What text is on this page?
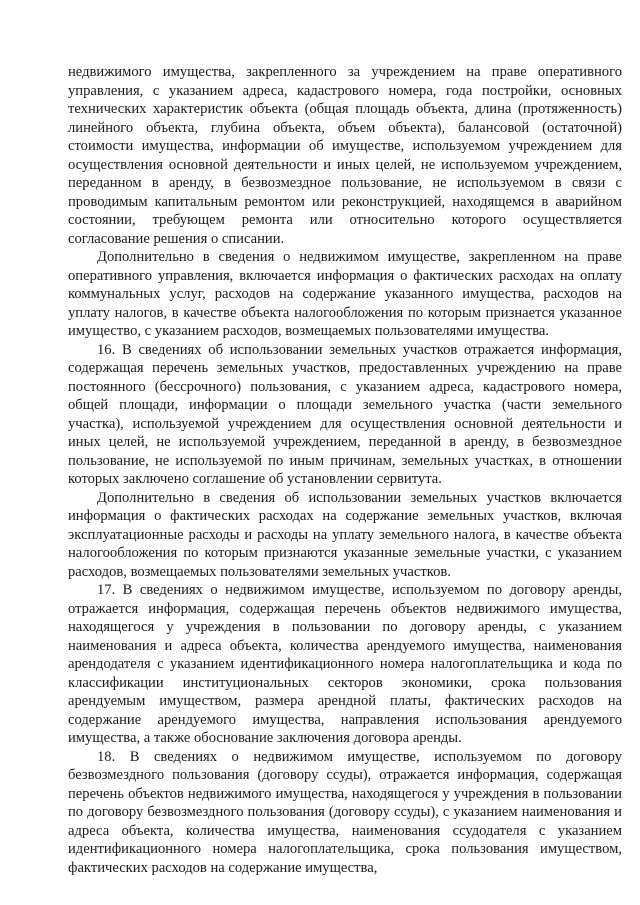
недвижимого имущества, закрепленного за учреждением на праве оперативного управления, с указанием адреса, кадастрового номера, года постройки, основных технических характеристик объекта (общая площадь объекта, длина (протяженность) линейного объекта, глубина объекта, объем объекта), балансовой (остаточной) стоимости имущества, информации об имуществе, используемом учреждением для осуществления основной деятельности и иных целей, не используемом учреждением, переданном в аренду, в безвозмездное пользование, не используемом в связи с проводимым капитальным ремонтом или реконструкцией, находящемся в аварийном состоянии, требующем ремонта или относительно которого осуществляется согласование решения о списании.

Дополнительно в сведения о недвижимом имуществе, закрепленном на праве оперативного управления, включается информация о фактических расходах на оплату коммунальных услуг, расходов на содержание указанного имущества, расходов на уплату налогов, в качестве объекта налогообложения по которым признается указанное имущество, с указанием расходов, возмещаемых пользователями имущества.

16. В сведениях об использовании земельных участков отражается информация, содержащая перечень земельных участков, предоставленных учреждению на праве постоянного (бессрочного) пользования, с указанием адреса, кадастрового номера, общей площади, информации о площади земельного участка (части земельного участка), используемой учреждением для осуществления основной деятельности и иных целей, не используемой учреждением, переданной в аренду, в безвозмездное пользование, не используемой по иным причинам, земельных участках, в отношении которых заключено соглашение об установлении сервитута.

Дополнительно в сведения об использовании земельных участков включается информация о фактических расходах на содержание земельных участков, включая эксплуатационные расходы и расходы на уплату земельного налога, в качестве объекта налогообложения по которым признаются указанные земельные участки, с указанием расходов, возмещаемых пользователями земельных участков.

17. В сведениях о недвижимом имуществе, используемом по договору аренды, отражается информация, содержащая перечень объектов недвижимого имущества, находящегося у учреждения в пользовании по договору аренды, с указанием наименования и адреса объекта, количества арендуемого имущества, наименования арендодателя с указанием идентификационного номера налогоплательщика и кода по классификации институциональных секторов экономики, срока пользования арендуемым имуществом, размера арендной платы, фактических расходов на содержание арендуемого имущества, направления использования арендуемого имущества, а также обоснование заключения договора аренды.

18. В сведениях о недвижимом имуществе, используемом по договору безвозмездного пользования (договору ссуды), отражается информация, содержащая перечень объектов недвижимого имущества, находящегося у учреждения в пользовании по договору безвозмездного пользования (договору ссуды), с указанием наименования и адреса объекта, количества имущества, наименования ссудодателя с указанием идентификационного номера налогоплательщика, срока пользования имуществом, фактических расходов на содержание имущества,
